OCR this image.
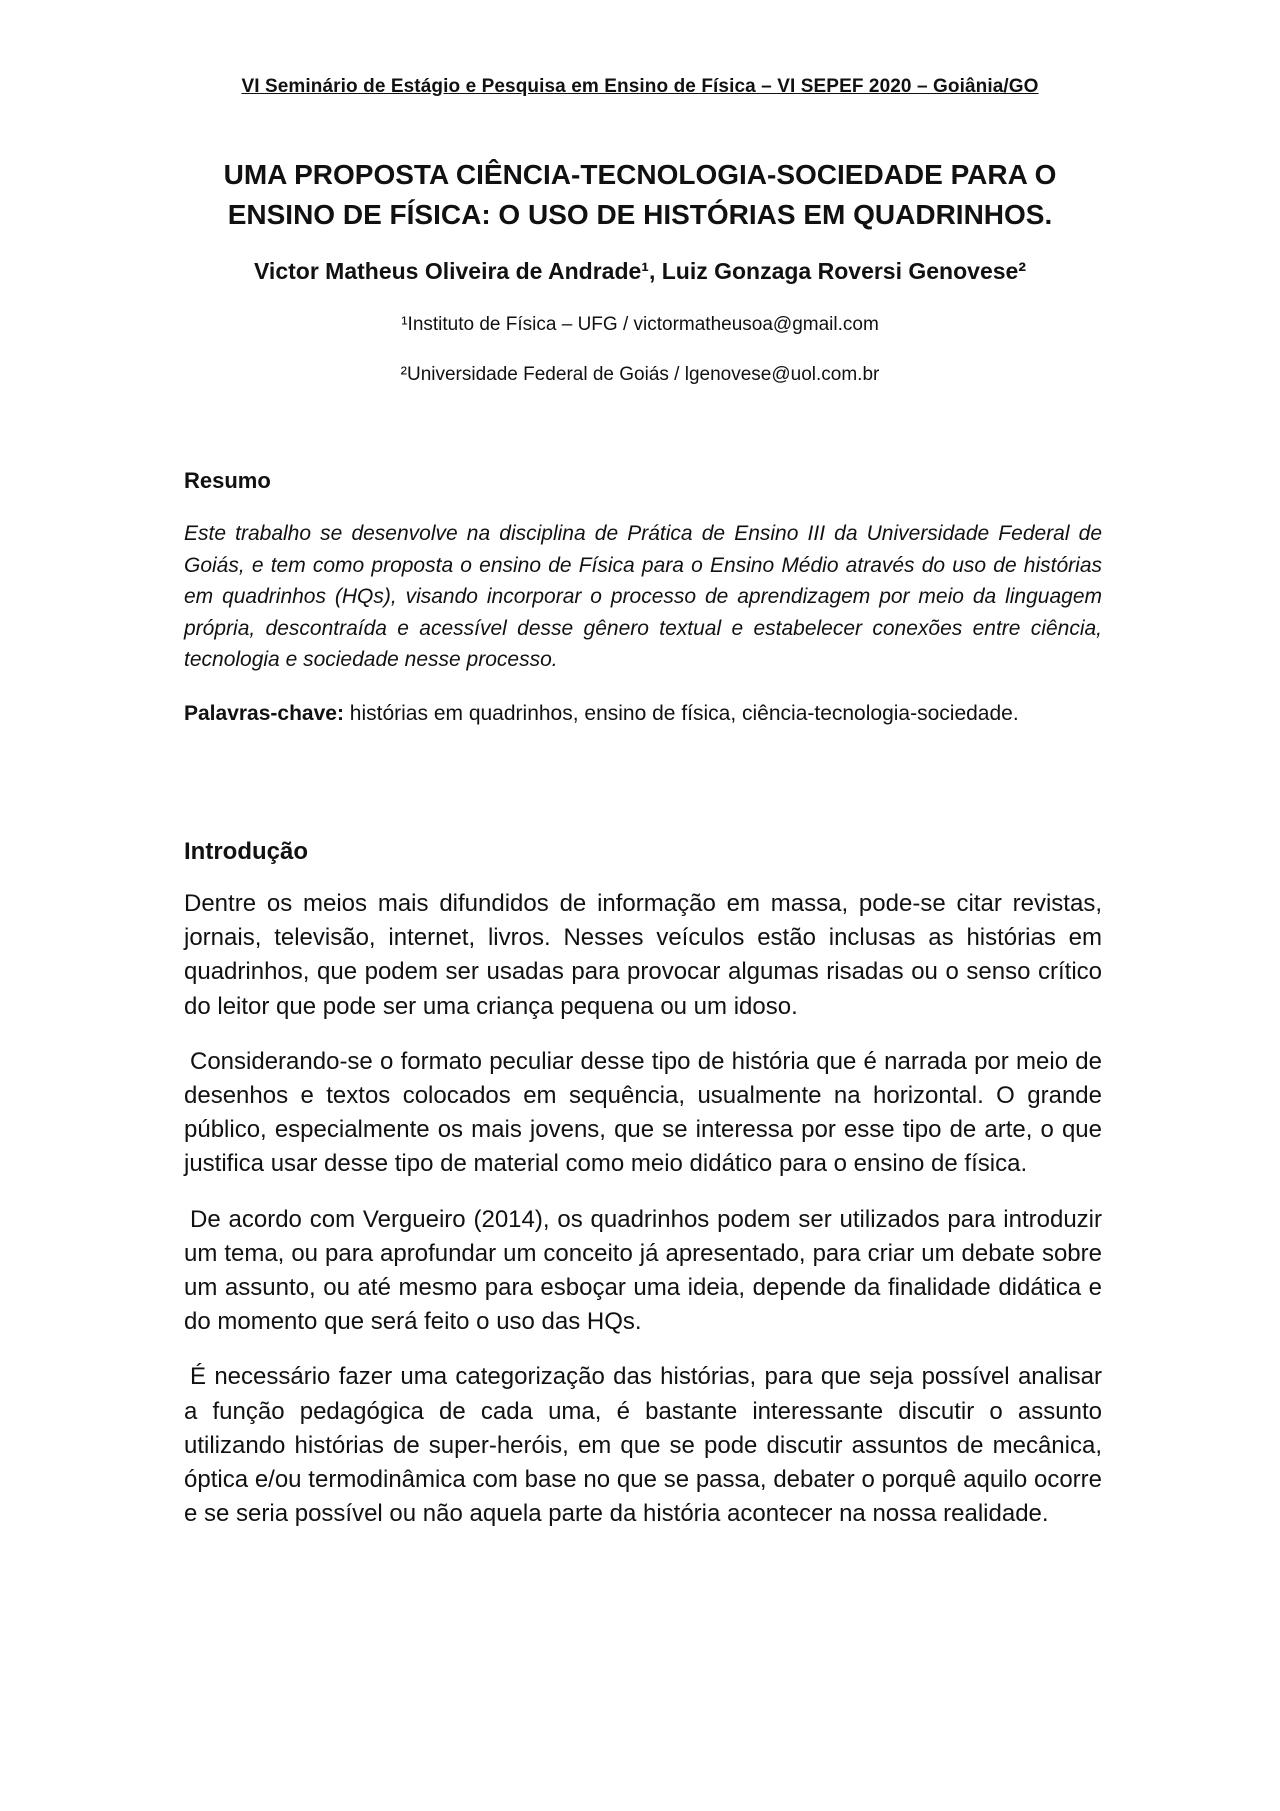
VI Seminário de Estágio e Pesquisa em Ensino de Física – VI SEPEF 2020 – Goiânia/GO
UMA PROPOSTA CIÊNCIA-TECNOLOGIA-SOCIEDADE PARA O
ENSINO DE FÍSICA: O USO DE HISTÓRIAS EM QUADRINHOS.
Victor Matheus Oliveira de Andrade¹, Luiz Gonzaga Roversi Genovese²
¹Instituto de Física – UFG / victormatheusoa@gmail.com
²Universidade Federal de Goiás / lgenovese@uol.com.br
Resumo

Este trabalho se desenvolve na disciplina de Prática de Ensino III da Universidade Federal de Goiás, e tem como proposta o ensino de Física para o Ensino Médio através do uso de histórias em quadrinhos (HQs), visando incorporar o processo de aprendizagem por meio da linguagem própria, descontraída e acessível desse gênero textual e estabelecer conexões entre ciência, tecnologia e sociedade nesse processo.

Palavras-chave: histórias em quadrinhos, ensino de física, ciência-tecnologia-sociedade.

Introdução

Dentre os meios mais difundidos de informação em massa, pode-se citar revistas, jornais, televisão, internet, livros. Nesses veículos estão inclusas as histórias em quadrinhos, que podem ser usadas para provocar algumas risadas ou o senso crítico do leitor que pode ser uma criança pequena ou um idoso.

Considerando-se o formato peculiar desse tipo de história que é narrada por meio de desenhos e textos colocados em sequência, usualmente na horizontal. O grande público, especialmente os mais jovens, que se interessa por esse tipo de arte, o que justifica usar desse tipo de material como meio didático para o ensino de física.

De acordo com Vergueiro (2014), os quadrinhos podem ser utilizados para introduzir um tema, ou para aprofundar um conceito já apresentado, para criar um debate sobre um assunto, ou até mesmo para esboçar uma ideia, depende da finalidade didática e do momento que será feito o uso das HQs.

É necessário fazer uma categorização das histórias, para que seja possível analisar a função pedagógica de cada uma, é bastante interessante discutir o assunto utilizando histórias de super-heróis, em que se pode discutir assuntos de mecânica, óptica e/ou termodinâmica com base no que se passa, debater o porquê aquilo ocorre e se seria possível ou não aquela parte da história acontecer na nossa realidade.
